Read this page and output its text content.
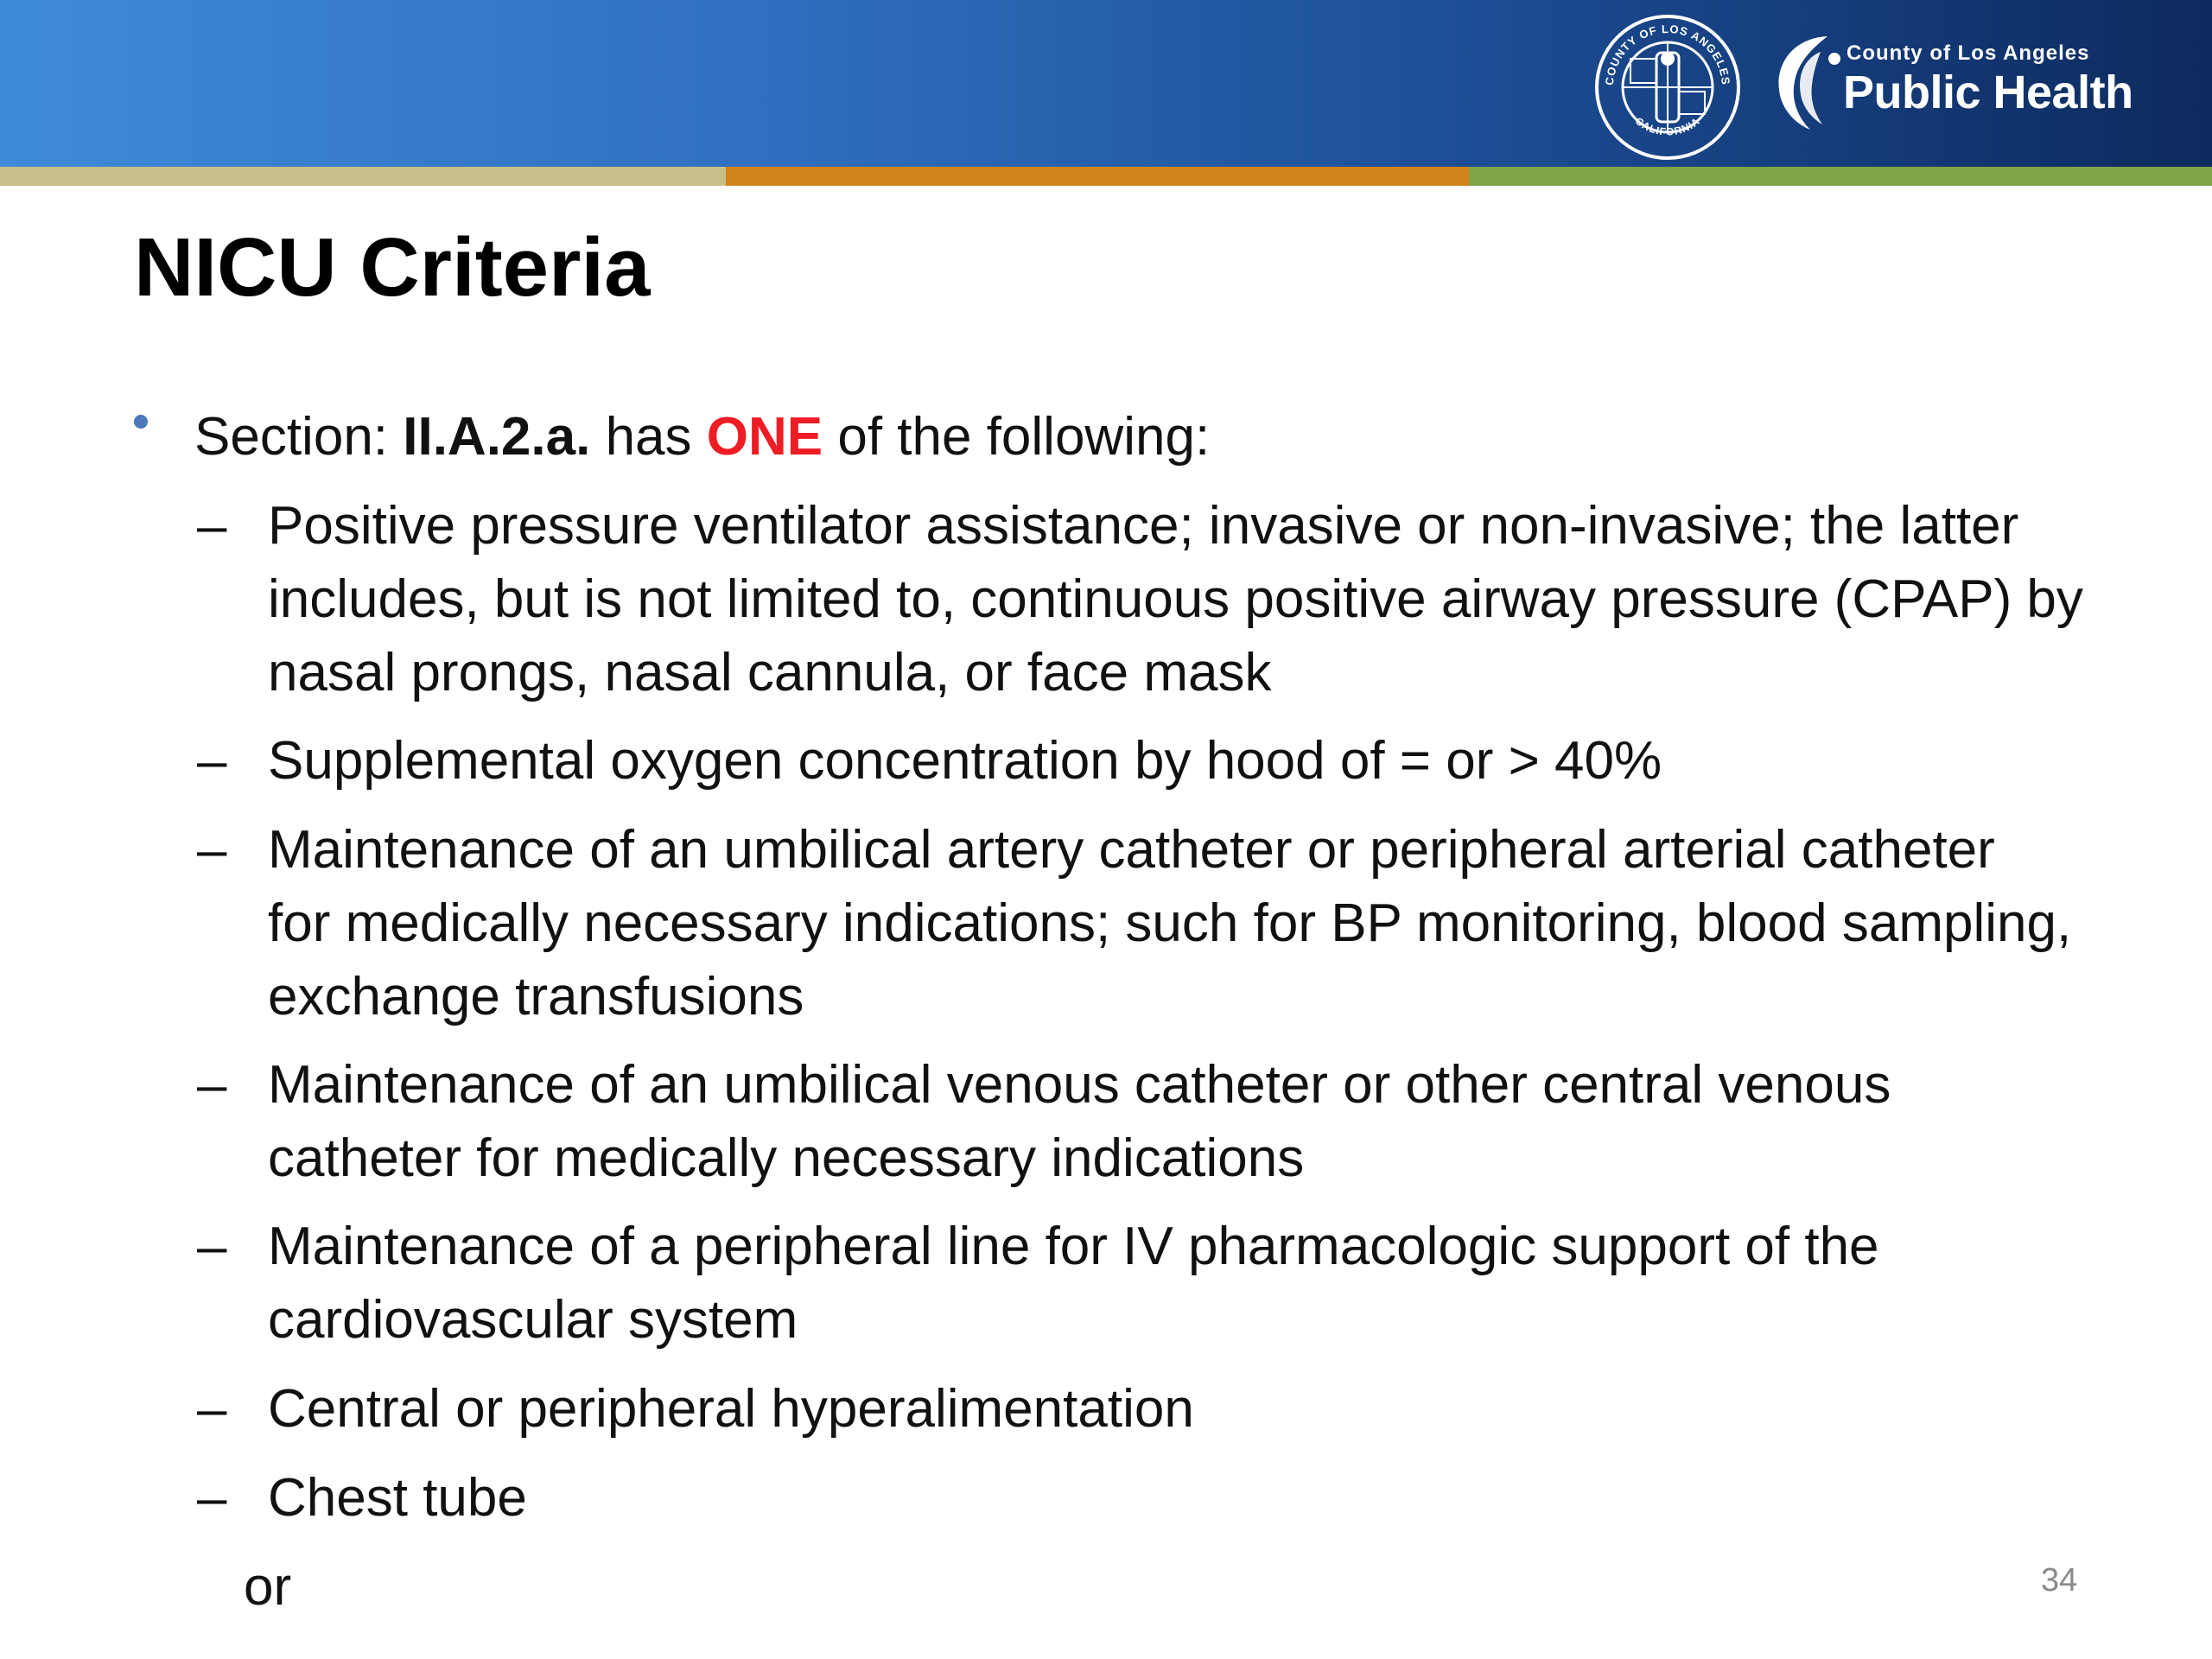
COUNTY OF LOS ANGELES
CALIFORNIA
County of Los Angeles
Public Health
NICU Criteria
Section: II.A.2.a. has ONE of the following:
– Positive pressure ventilator assistance; invasive or non-invasive; the latter
includes, but is not limited to, continuous positive airway pressure (CPAP) by
nasal prongs, nasal cannula, or face mask
– Supplemental oxygen concentration by hood of = or > 40%
– Maintenance of an umbilical artery catheter or peripheral arterial catheter
for medically necessary indications; such for BP monitoring, blood sampling,
exchange transfusions
– Maintenance of an umbilical venous catheter or other central venous
catheter for medically necessary indications
– Maintenance of a peripheral line for IV pharmacologic support of the
cardiovascular system
– Central or peripheral hyperalimentation
– Chest tube
or	34
